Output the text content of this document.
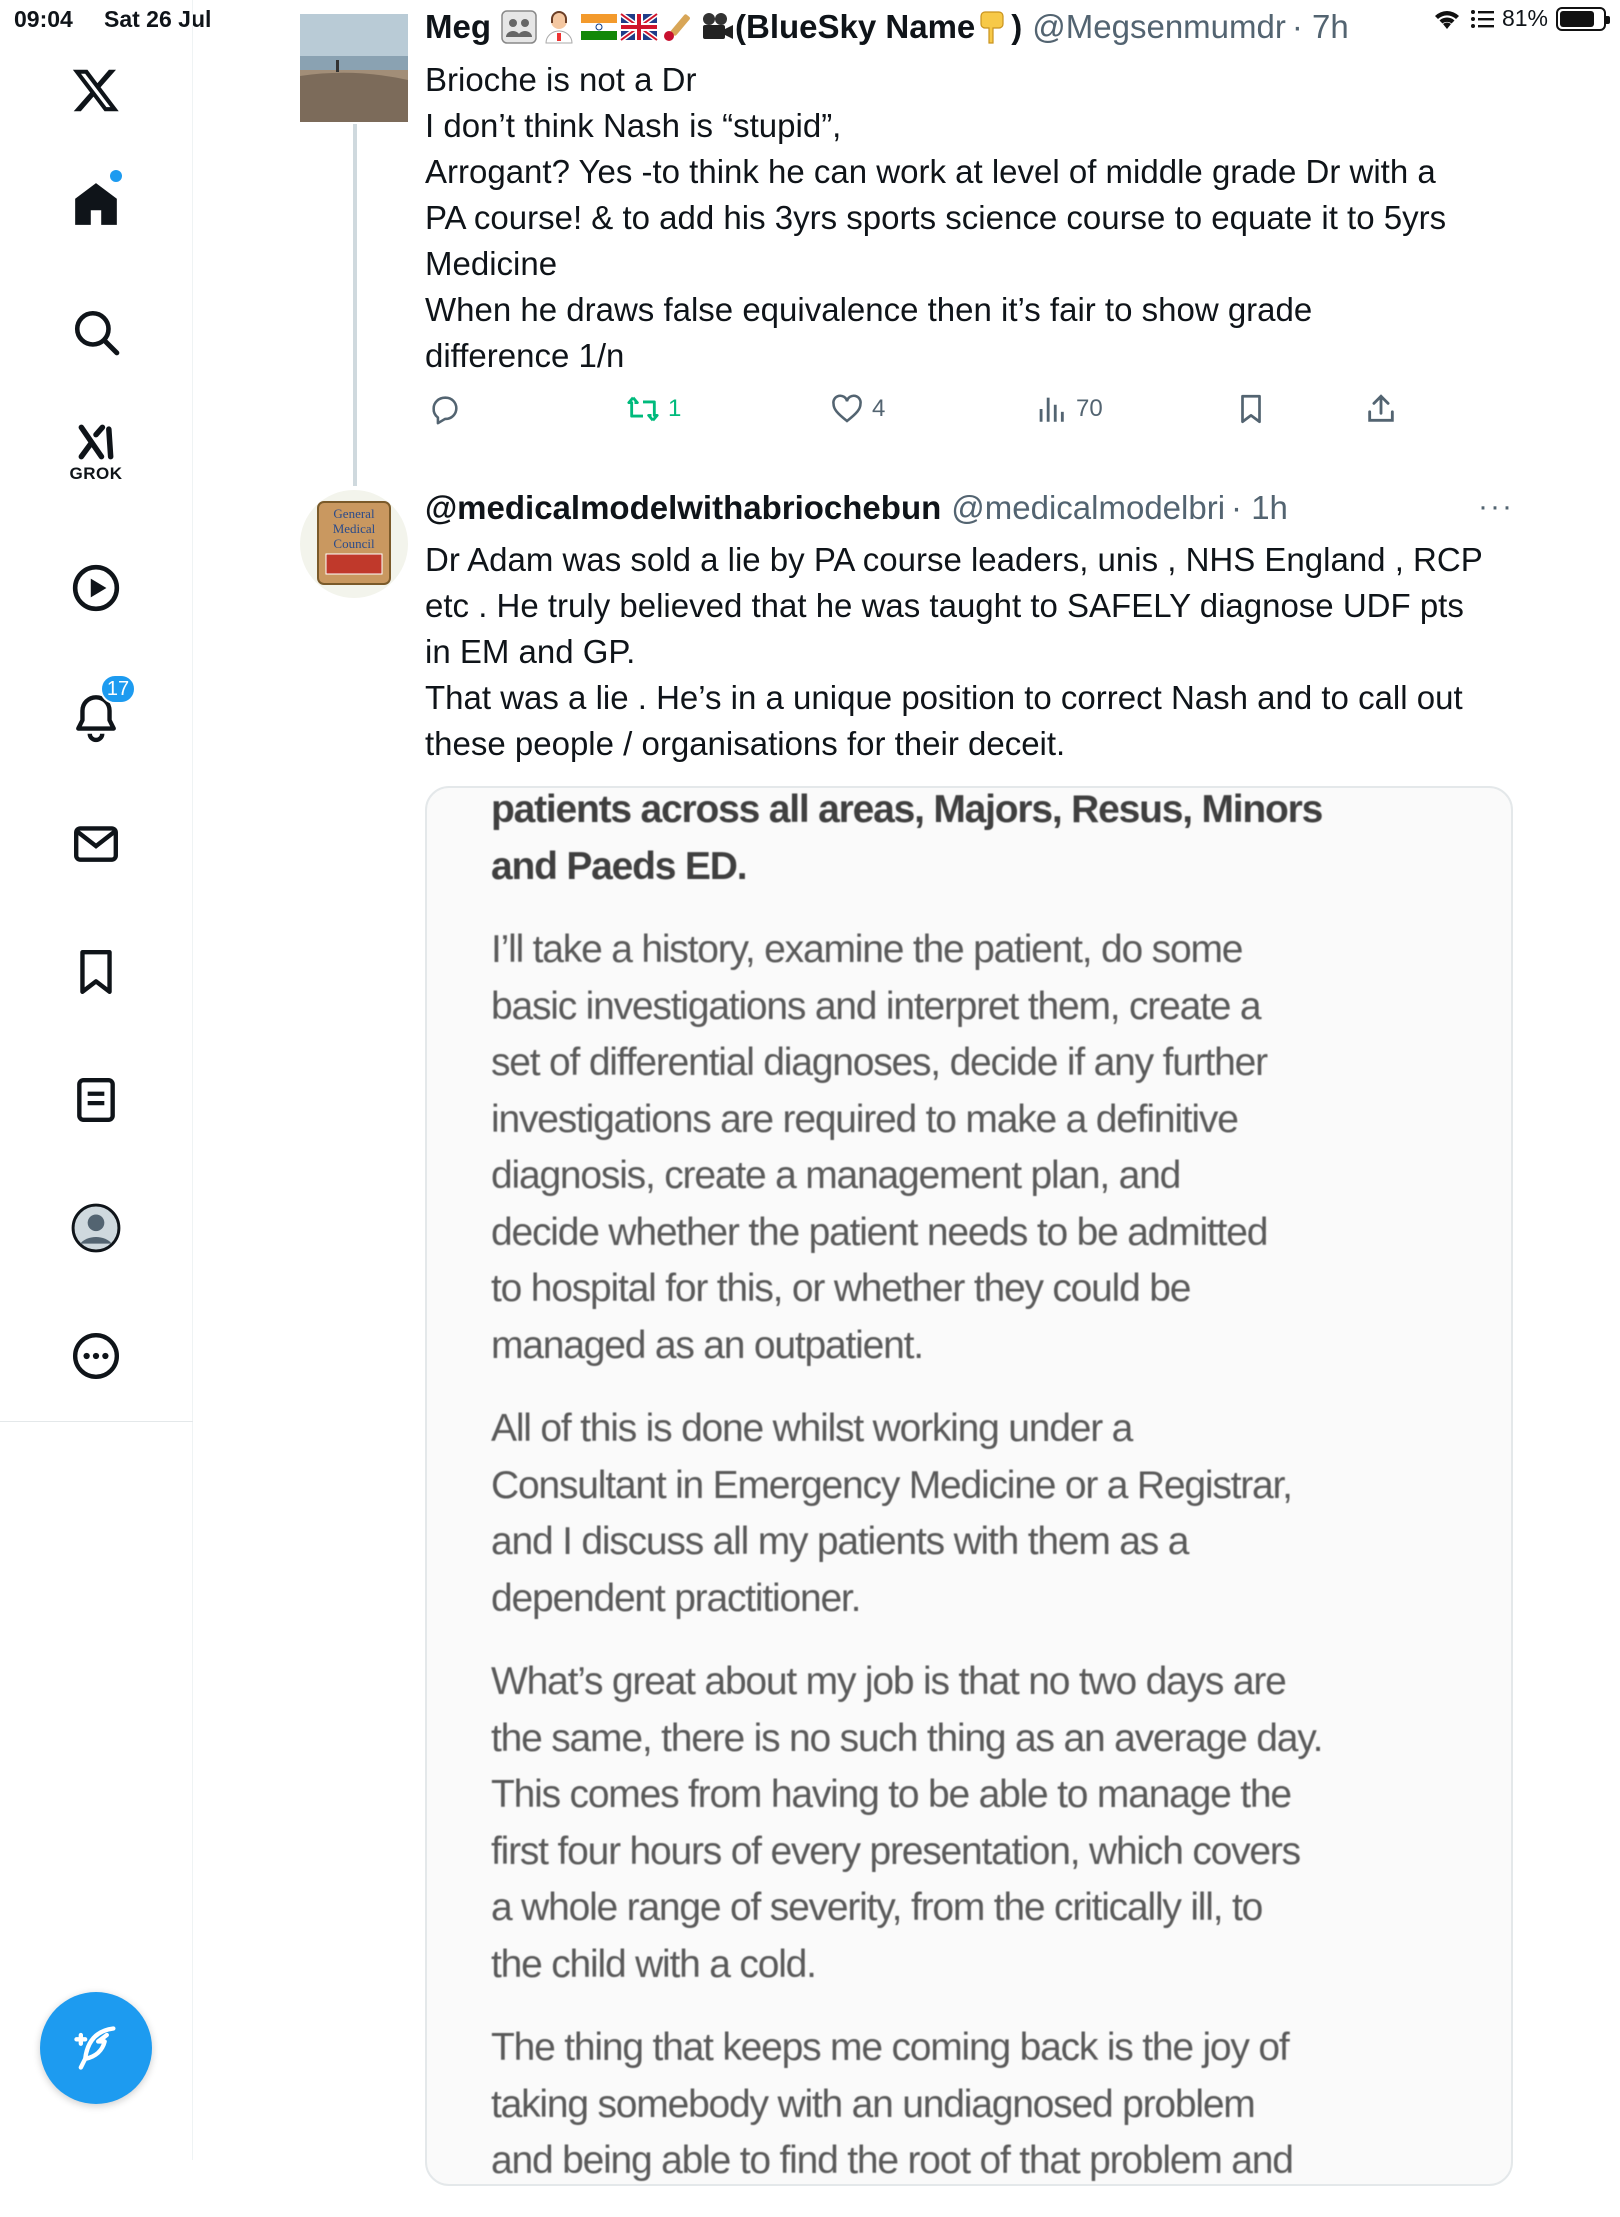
09:04 Sat 26 Jul	81%
GROK
17
Meg	(BlueSky Name ) @Megsenmumdr · 7h
Brioche is not a Dr
I don’t think Nash is “stupid”,
Arrogant? Yes -to think he can work at level of middle grade Dr with a
PA course! & to add his 3yrs sports science course to equate it to 5yrs
Medicine
When he draws false equivalence then it’s fair to show grade
difference 1/n
1	4	70
General
Medical
Council
@medicalmodelwithabriochebun @medicalmodelbri · 1h	···
Dr Adam was sold a lie by PA course leaders, unis , NHS England , RCP
etc . He truly believed that he was taught to SAFELY diagnose UDF pts
in EM and GP.
That was a lie . He’s in a unique position to correct Nash and to call out
these people / organisations for their deceit.
patients across all areas, Majors, Resus, Minors
and Paeds ED.
I’ll take a history, examine the patient, do some
basic investigations and interpret them, create a
set of differential diagnoses, decide if any further
investigations are required to make a definitive
diagnosis, create a management plan, and
decide whether the patient needs to be admitted
to hospital for this, or whether they could be
managed as an outpatient.
All of this is done whilst working under a
Consultant in Emergency Medicine or a Registrar,
and I discuss all my patients with them as a
dependent practitioner.
What’s great about my job is that no two days are
the same, there is no such thing as an average day.
This comes from having to be able to manage the
first four hours of every presentation, which covers
a whole range of severity, from the critically ill, to
the child with a cold.
The thing that keeps me coming back is the joy of
taking somebody with an undiagnosed problem
and being able to find the root of that problem and
